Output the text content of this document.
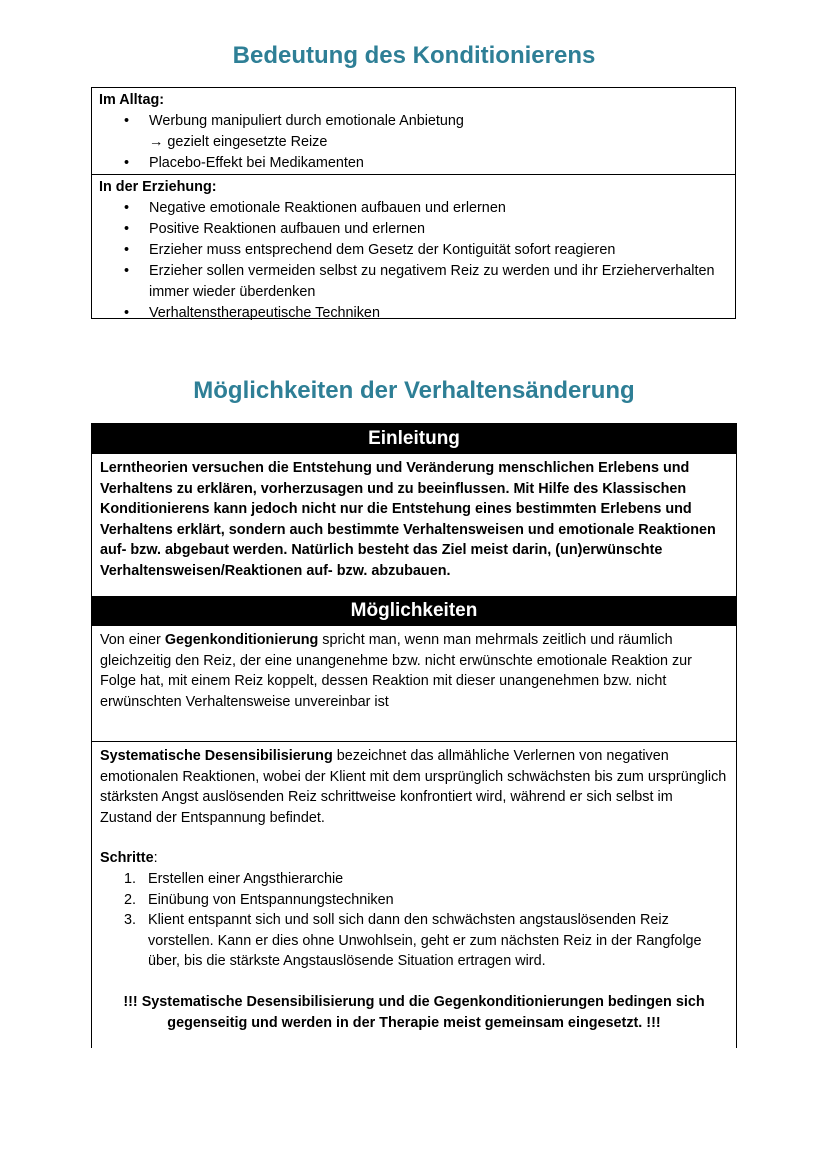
Bedeutung des Konditionierens
Im Alltag:
• Werbung manipuliert durch emotionale Anbietung
→ gezielt eingesetzte Reize
• Placebo-Effekt bei Medikamenten
In der Erziehung:
• Negative emotionale Reaktionen aufbauen und erlernen
• Positive Reaktionen aufbauen und erlernen
• Erzieher muss entsprechend dem Gesetz der Kontiguität sofort reagieren
• Erzieher sollen vermeiden selbst zu negativem Reiz zu werden und ihr Erzieherverhalten immer wieder überdenken
• Verhaltenstherapeutische Techniken
Möglichkeiten der Verhaltensänderung
Einleitung
Lerntheorien versuchen die Entstehung und Veränderung menschlichen Erlebens und Verhaltens zu erklären, vorherzusagen und zu beeinflussen. Mit Hilfe des Klassischen Konditionierens kann jedoch nicht nur die Entstehung eines bestimmten Erlebens und Verhaltens erklärt, sondern auch bestimmte Verhaltensweisen und emotionale Reaktionen auf- bzw. abgebaut werden. Natürlich besteht das Ziel meist darin, (un)erwünschte Verhaltensweisen/Reaktionen auf- bzw. abzubauen.
Möglichkeiten
Von einer Gegenkonditionierung spricht man, wenn man mehrmals zeitlich und räumlich gleichzeitig den Reiz, der eine unangenehme bzw. nicht erwünschte emotionale Reaktion zur Folge hat, mit einem Reiz koppelt, dessen Reaktion mit dieser unangenehmen bzw. nicht erwünschten Verhaltensweise unvereinbar ist
Systematische Desensibilisierung bezeichnet das allmähliche Verlernen von negativen emotionalen Reaktionen, wobei der Klient mit dem ursprünglich schwächsten bis zum ursprünglich stärksten Angst auslösenden Reiz schrittweise konfrontiert wird, während er sich selbst im Zustand der Entspannung befindet.
Schritte:
1. Erstellen einer Angsthierarchie
2. Einübung von Entspannungstechniken
3. Klient entspannt sich und soll sich dann den schwächsten angstauslösenden Reiz vorstellen. Kann er dies ohne Unwohlsein, geht er zum nächsten Reiz in der Rangfolge über, bis die stärkste Angstauslösende Situation ertragen wird.
!!! Systematische Desensibilisierung und die Gegenkonditionierungen bedingen sich gegenseitig und werden in der Therapie meist gemeinsam eingesetzt. !!!
